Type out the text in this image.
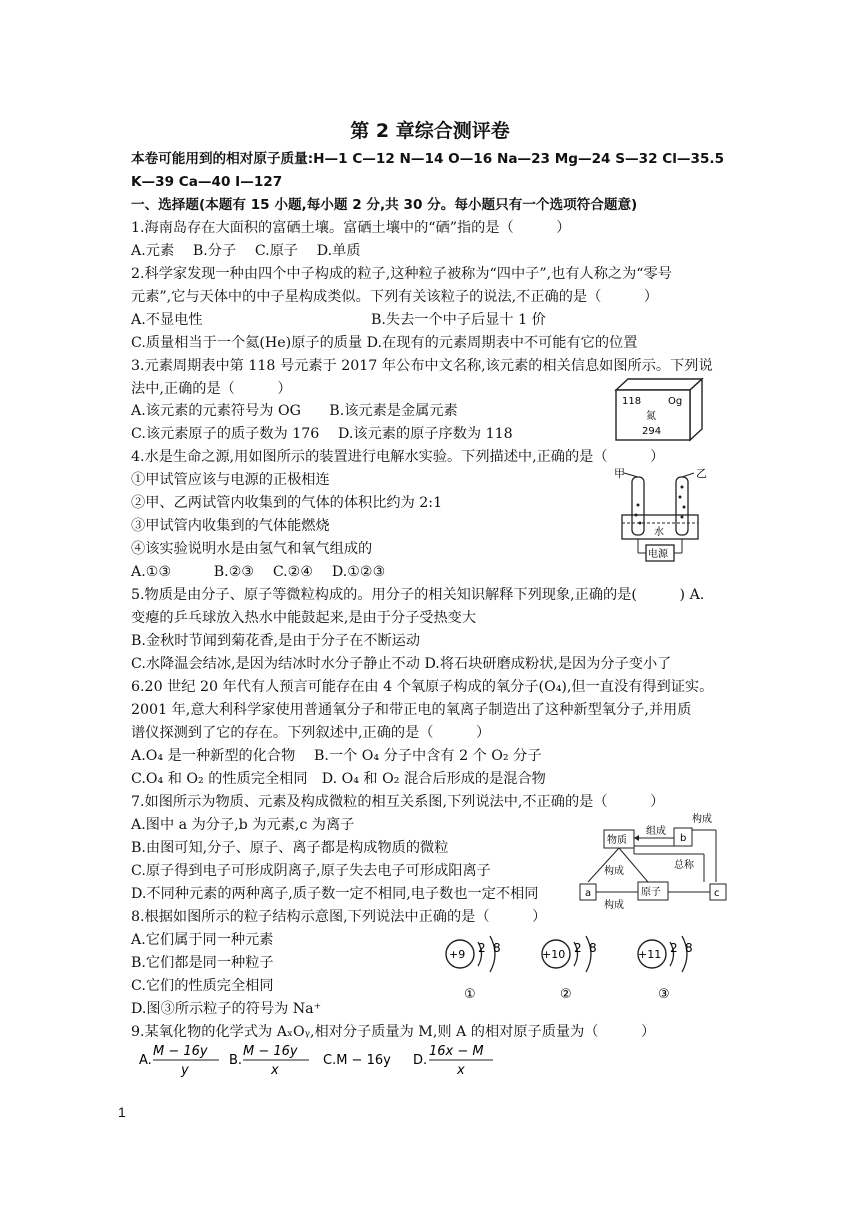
第 2 章综合测评卷
本卷可能用到的相对原子质量:H—1 C—12 N—14 O—16 Na—23 Mg—24 S—32 Cl—35.5
K—39 Ca—40 I—127
一、选择题(本题有 15 小题,每小题 2 分,共 30 分。每小题只有一个选项符合题意)
1.海南岛存在大面积的富硒土壤。富硒土壤中的“硒”指的是（　　　）
A.元素　 B.分子　 C.原子　 D.单质
2.科学家发现一种由四个中子构成的粒子,这种粒子被称为“四中子”,也有人称之为“零号
元素”,它与天体中的中子星构成类似。下列有关该粒子的说法,不正确的是（　　　）
A.不显电性	B.失去一个中子后显十 1 价
C.质量相当于一个氦(He)原子的质量 D.在现有的元素周期表中不可能有它的位置
3.元素周期表中第 118 号元素于 2017 年公布中文名称,该元素的相关信息如图所示。下列说
法中,正确的是（　　　）
A.该元素的元素符号为 OG　　B.该元素是金属元素
C.该元素原子的质子数为 176　 D.该元素的原子序数为 118
118	Og
氮
294
4.水是生命之源,用如图所示的装置进行电解水实验。下列描述中,正确的是（　　　）
①甲试管应该与电源的正极相连
②甲、乙两试管内收集到的气体的体积比约为 2:1
③甲试管内收集到的气体能燃烧
④该实验说明水是由氢气和氧气组成的
A.①③　　　B.②③　 C.②④　 D.①②③
甲	乙
水
电源
5.物质是由分子、原子等微粒构成的。用分子的相关知识解释下列现象,正确的是(　　　) A.
变瘪的乒乓球放入热水中能鼓起来,是由于分子受热变大
B.金秋时节闻到菊花香,是由于分子在不断运动
C.水降温会结冰,是因为结冰时水分子静止不动 D.将石块研磨成粉状,是因为分子变小了
6.20 世纪 20 年代有人预言可能存在由 4 个氧原子构成的氧分子(O₄),但一直没有得到证实。
2001 年,意大利科学家使用普通氧分子和带正电的氧离子制造出了这种新型氧分子,并用质
谱仪探测到了它的存在。下列叙述中,正确的是（　　　）
A.O₄ 是一种新型的化合物　 B.一个 O₄ 分子中含有 2 个 O₂ 分子
C.O₄ 和 O₂ 的性质完全相同　D. O₄ 和 O₂ 混合后形成的是混合物
7.如图所示为物质、元素及构成微粒的相互关系图,下列说法中,不正确的是（　　　）
A.图中 a 为分子,b 为元素,c 为离子
B.由图可知,分子、原子、离子都是构成物质的微粒
C.原子得到电子可形成阴离子,原子失去电子可形成阳离子
D.不同种元素的两种离子,质子数一定不相同,电子数也一定不相同
物质
组成
b
构成
总称
构成
a	原子	c
构成
8.根据如图所示的粒子结构示意图,下列说法中正确的是（　　　）
A.它们属于同一种元素
B.它们都是同一种粒子
C.它们的性质完全相同
D.图③所示粒子的符号为 Na⁺
+9 2 8
①
+10 2 8
②
+11 2 8
③
9.某氧化物的化学式为 AₓOᵧ,相对分子质量为 M,则 A 的相对原子质量为（　　　）
A.
M − 16y
y
B.
M − 16y
x
C.M − 16y D.
16x − M
x
1
